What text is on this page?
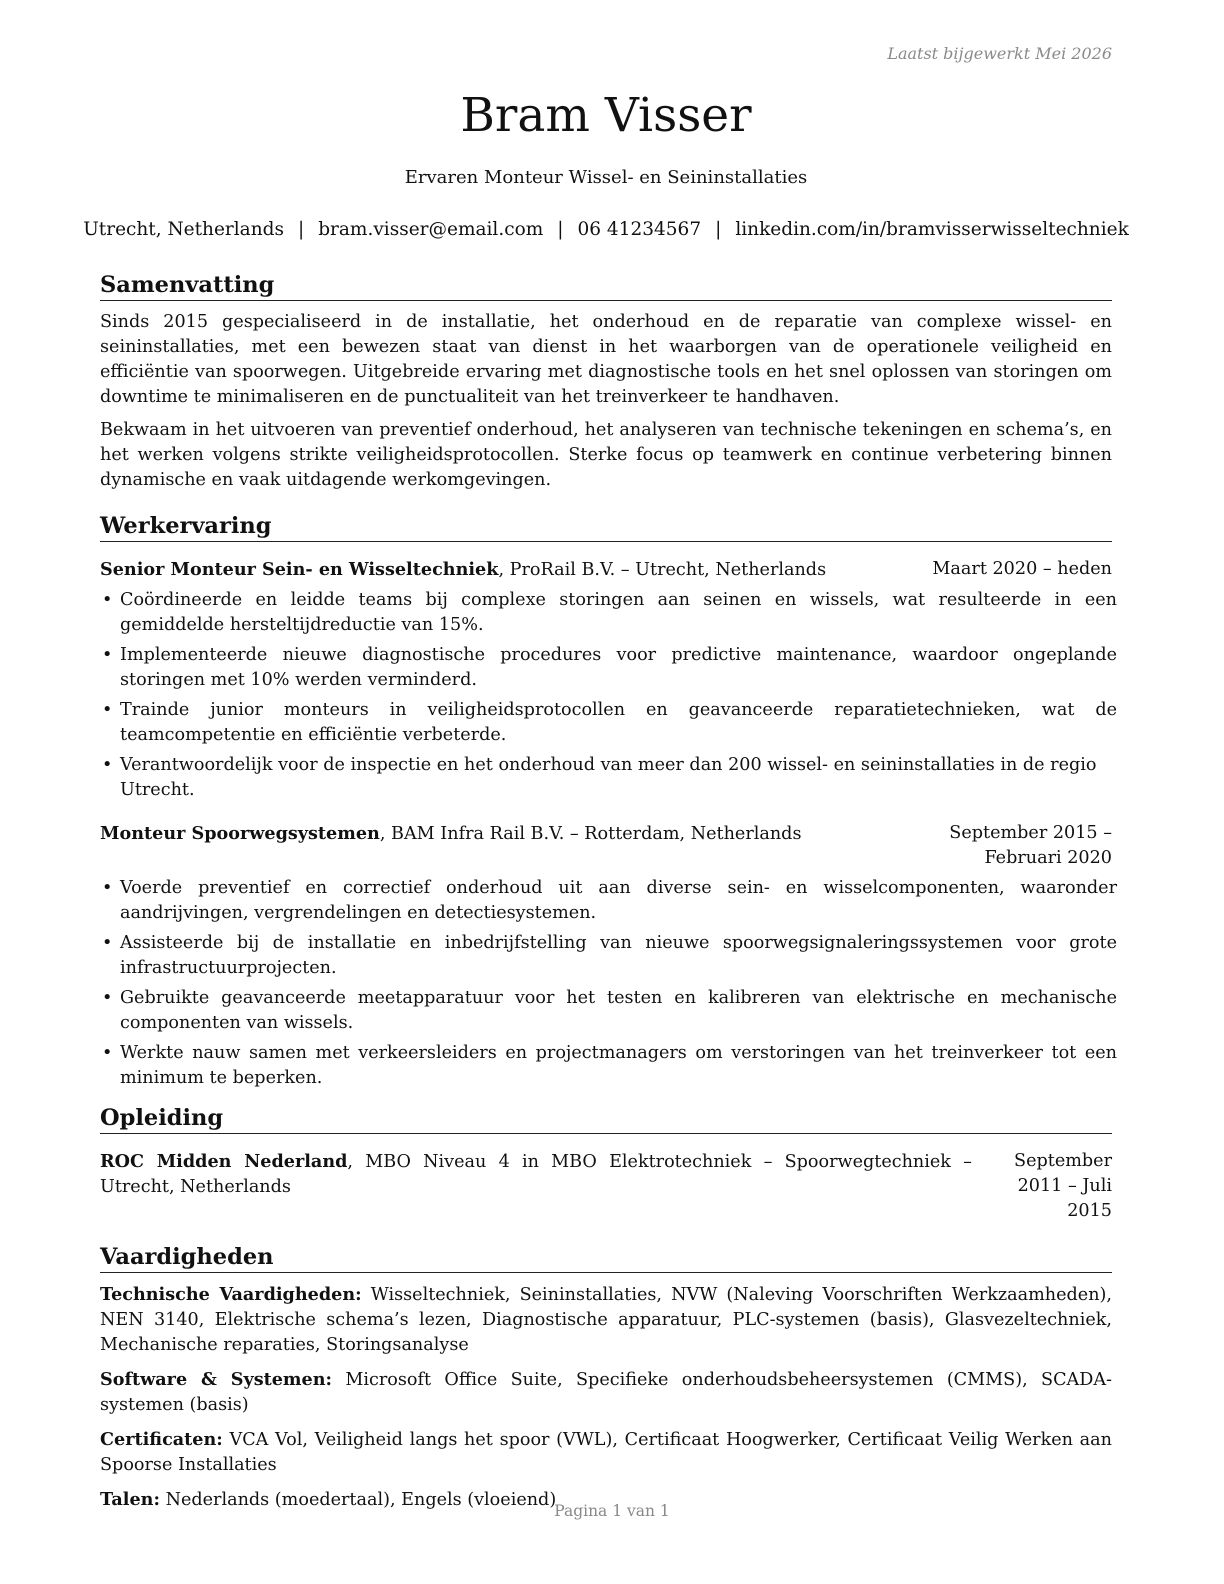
Laatst bijgewerkt Mei 2026
Bram Visser
Ervaren Monteur Wissel- en Seininstallaties
Utrecht, Netherlands | bram.visser@email.com | 06 41234567 | linkedin.com/in/bramvisserwisseltechniek
Samenvatting

Sinds 2015 gespecialiseerd in de installatie, het onderhoud en de reparatie van complexe wissel- en seininstallaties, met een bewezen staat van dienst in het waarborgen van de operationele veiligheid en efficiëntie van spoorwegen. Uitgebreide ervaring met diagnostische tools en het snel oplossen van storingen om downtime te minimaliseren en de punctualiteit van het treinverkeer te handhaven.

Bekwaam in het uitvoeren van preventief onderhoud, het analyseren van technische tekeningen en schema’s, en het werken volgens strikte veiligheidsprotocollen. Sterke focus op teamwerk en continue verbetering binnen dynamische en vaak uitdagende werkomgevingen.

Werkervaring
Senior Monteur Sein- en Wisseltechniek, ProRail B.V. – Utrecht, Netherlands	Maart 2020 – heden
• Coördineerde en leidde teams bij complexe storingen aan seinen en wissels, wat resulteerde in een gemiddelde hersteltijdreductie van 15%.
• Implementeerde nieuwe diagnostische procedures voor predictive maintenance, waardoor ongeplande storingen met 10% werden verminderd.
• Trainde junior monteurs in veiligheidsprotocollen en geavanceerde reparatietechnieken, wat de teamcompetentie en efficiëntie verbeterde.
• Verantwoordelijk voor de inspectie en het onderhoud van meer dan 200 wissel- en seininstallaties in de regio Utrecht.
Monteur Spoorwegsystemen, BAM Infra Rail B.V. – Rotterdam, Netherlands	September 2015 – Februari 2020
• Voerde preventief en correctief onderhoud uit aan diverse sein- en wisselcomponenten, waaronder aandrijvingen, vergrendelingen en detectiesystemen.
• Assisteerde bij de installatie en inbedrijfstelling van nieuwe spoorwegsignaleringssystemen voor grote infrastructuurprojecten.
• Gebruikte geavanceerde meetapparatuur voor het testen en kalibreren van elektrische en mechanische componenten van wissels.
• Werkte nauw samen met verkeersleiders en projectmanagers om verstoringen van het treinverkeer tot een minimum te beperken.
Opleiding
ROC Midden Nederland, MBO Niveau 4 in MBO Elektrotechniek – Spoorwegtechniek – Utrecht, Netherlands
September 2011 – Juli 2015
Vaardigheden

Technische Vaardigheden: Wisseltechniek, Seininstallaties, NVW (Naleving Voorschriften Werkzaamheden), NEN 3140, Elektrische schema’s lezen, Diagnostische apparatuur, PLC-systemen (basis), Glasvezeltechniek, Mechanische reparaties, Storingsanalyse

Software & Systemen: Microsoft Office Suite, Specifieke onderhoudsbeheersystemen (CMMS), SCADA-systemen (basis)

Certificaten: VCA Vol, Veiligheid langs het spoor (VWL), Certificaat Hoogwerker, Certificaat Veilig Werken aan Spoorse Installaties

Talen: Nederlands (moedertaal), Engels (vloeiend)

Pagina 1 van 1
